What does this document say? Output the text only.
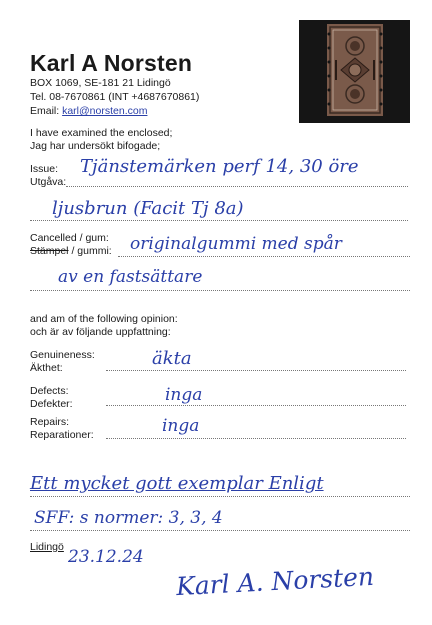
Karl A Norsten
BOX 1069, SE-181 21 Lidingö
Tel. 08-7670861 (INT +4687670861)
Email: karl@norsten.com
I have examined the enclosed;
Jag har undersökt bifogade;
Issue:
Utgåva:
Tjänstemärken perf 14, 30 öre
ljusbrun (Facit Tj 8a)
Cancelled / gum:
Stämpel / gummi: originalgummi med spår
av en fastsättare
and am of the following opinion:
och är av följande uppfattning:
Genuineness:
Äkthet:	äkta
Defects:
Defekter:	inga
Repairs:
Reparationer:	inga
Ett mycket gott exemplar Enligt
SFF: s normer: 3, 3, 4
Lidingö 23.12.24
Karl A. Norsten
